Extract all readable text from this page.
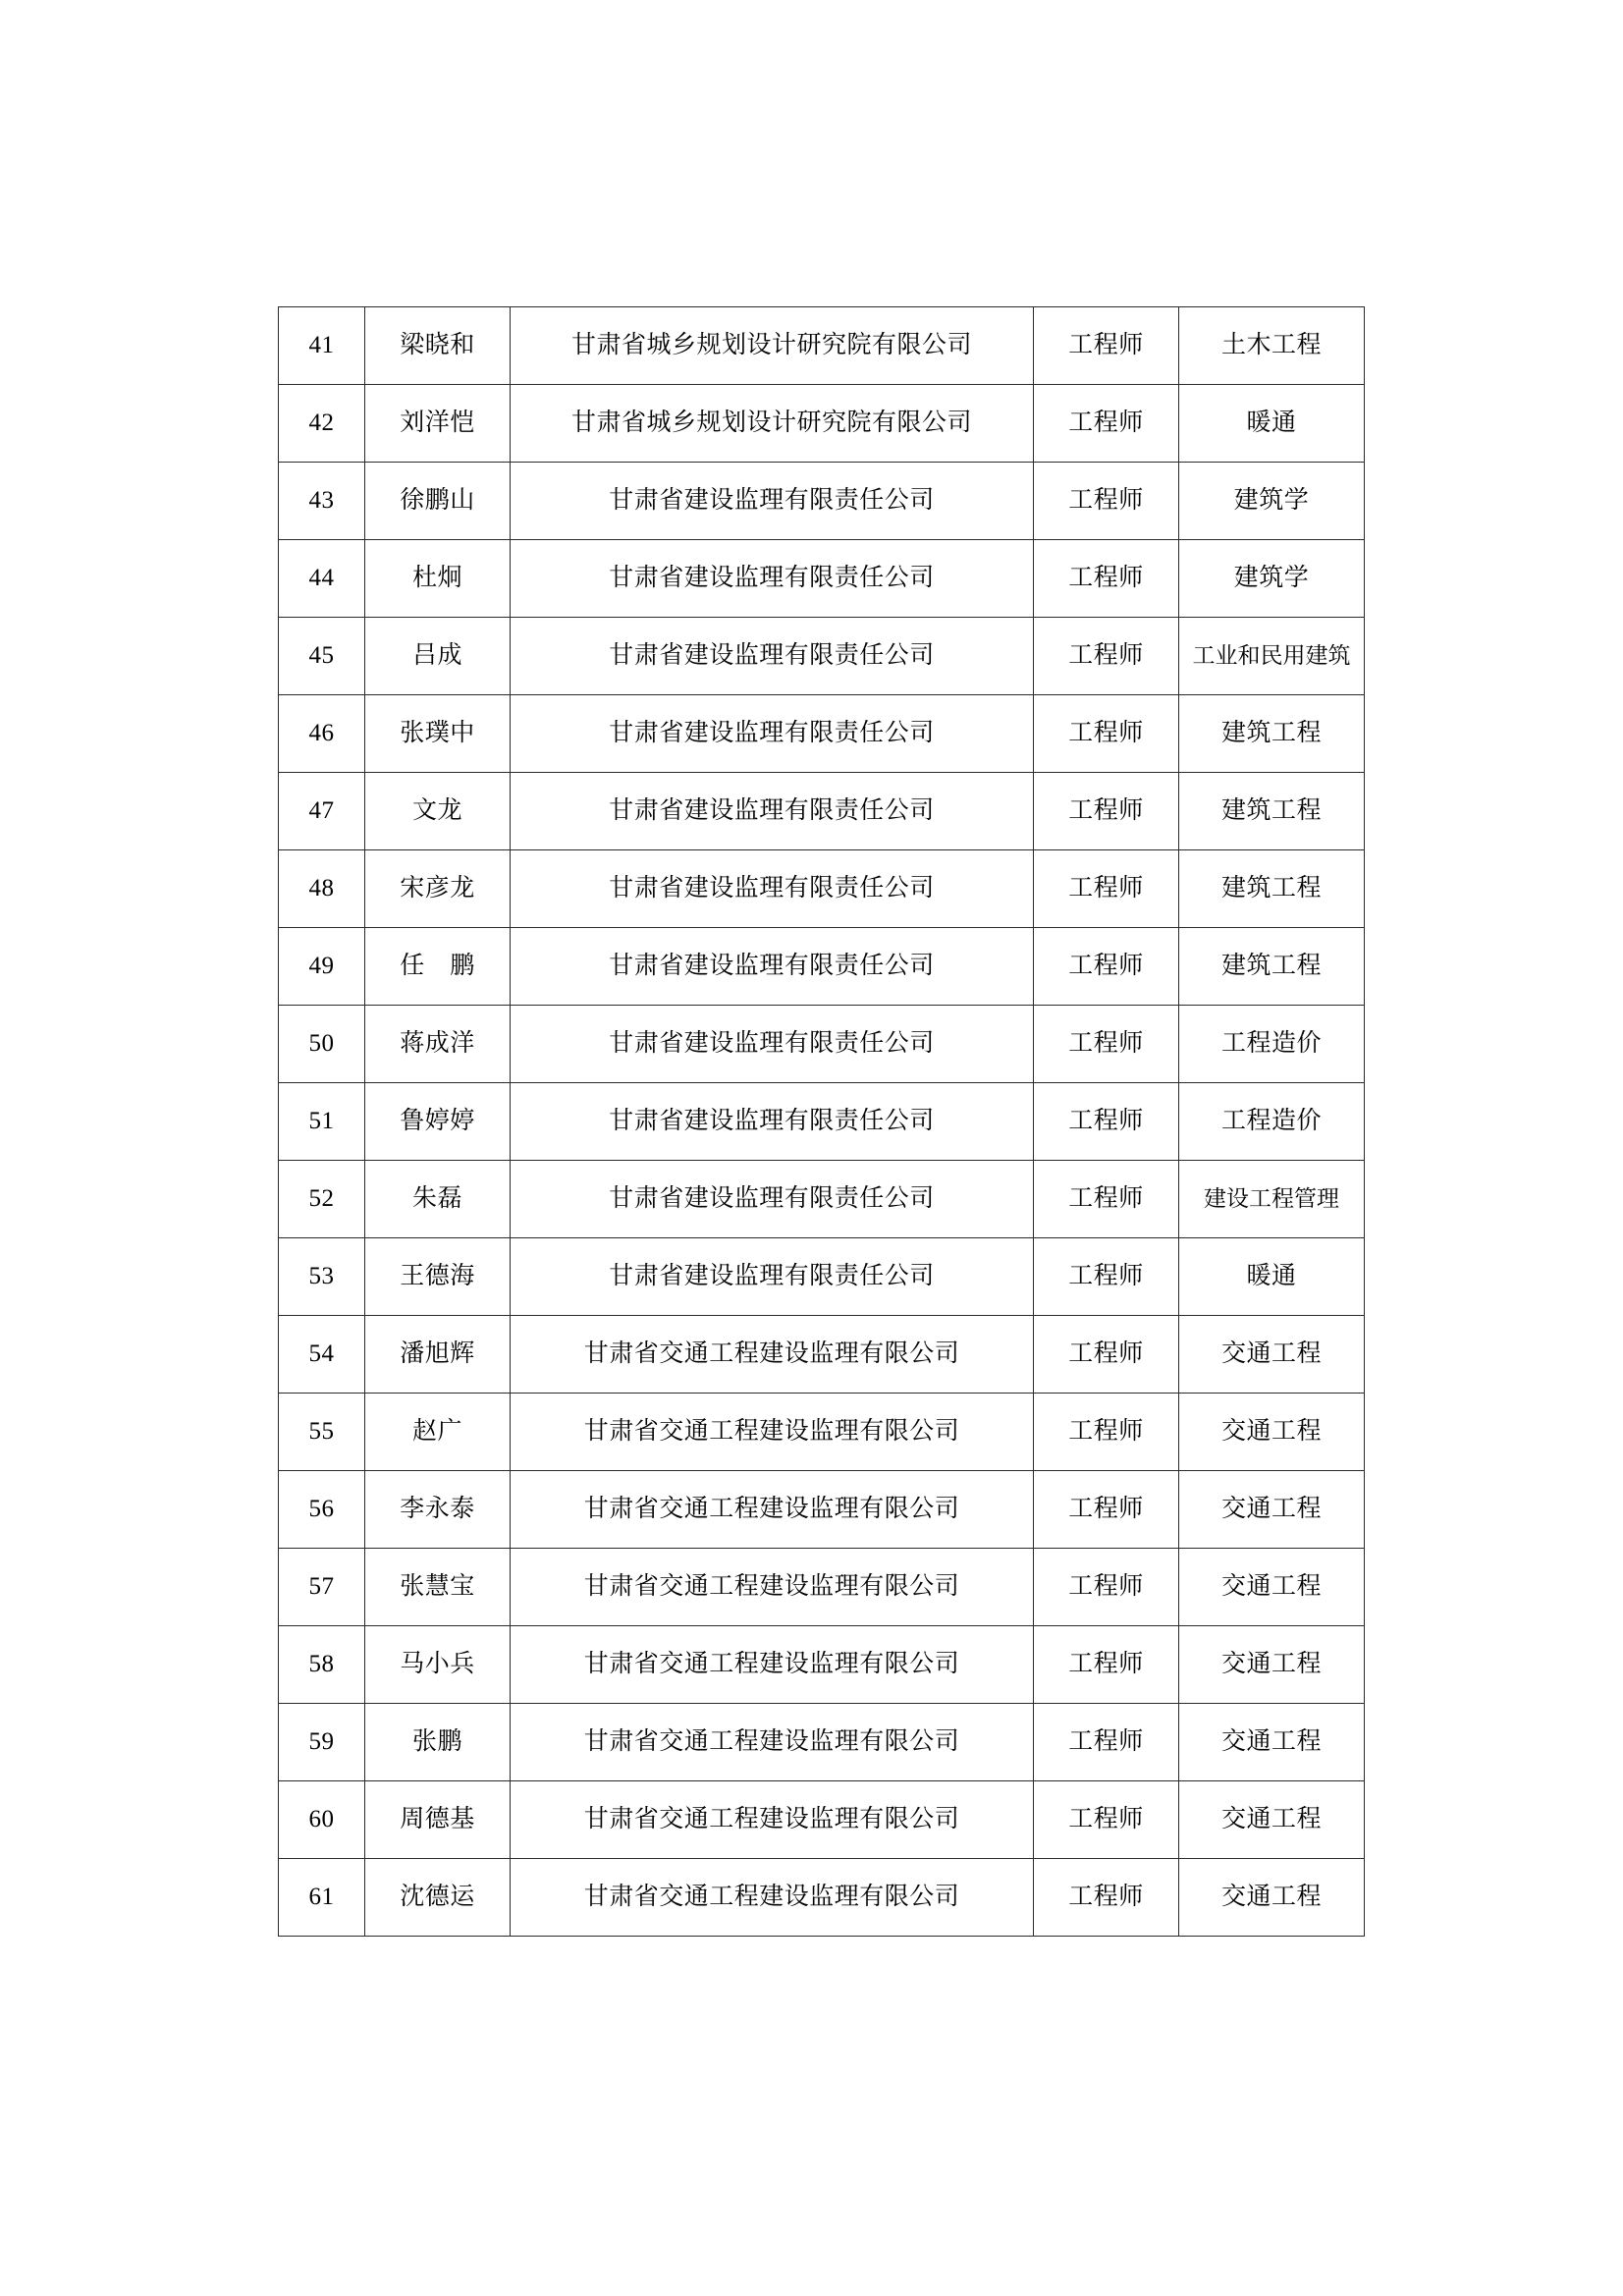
41	梁晓和	甘肃省城乡规划设计研究院有限公司	工程师	土木工程
42	刘洋恺	甘肃省城乡规划设计研究院有限公司	工程师	暖通
43	徐鹏山	甘肃省建设监理有限责任公司	工程师	建筑学
44	杜炯	甘肃省建设监理有限责任公司	工程师	建筑学
45	吕成	甘肃省建设监理有限责任公司	工程师	工业和民用建筑
46	张璞中	甘肃省建设监理有限责任公司	工程师	建筑工程
47	文龙	甘肃省建设监理有限责任公司	工程师	建筑工程
48	宋彦龙	甘肃省建设监理有限责任公司	工程师	建筑工程
49	任　鹏	甘肃省建设监理有限责任公司	工程师	建筑工程
50	蒋成洋	甘肃省建设监理有限责任公司	工程师	工程造价
51	鲁婷婷	甘肃省建设监理有限责任公司	工程师	工程造价
52	朱磊	甘肃省建设监理有限责任公司	工程师	建设工程管理
53	王德海	甘肃省建设监理有限责任公司	工程师	暖通
54	潘旭辉	甘肃省交通工程建设监理有限公司	工程师	交通工程
55	赵广	甘肃省交通工程建设监理有限公司	工程师	交通工程
56	李永泰	甘肃省交通工程建设监理有限公司	工程师	交通工程
57	张慧宝	甘肃省交通工程建设监理有限公司	工程师	交通工程
58	马小兵	甘肃省交通工程建设监理有限公司	工程师	交通工程
59	张鹏	甘肃省交通工程建设监理有限公司	工程师	交通工程
60	周德基	甘肃省交通工程建设监理有限公司	工程师	交通工程
61	沈德运	甘肃省交通工程建设监理有限公司	工程师	交通工程
